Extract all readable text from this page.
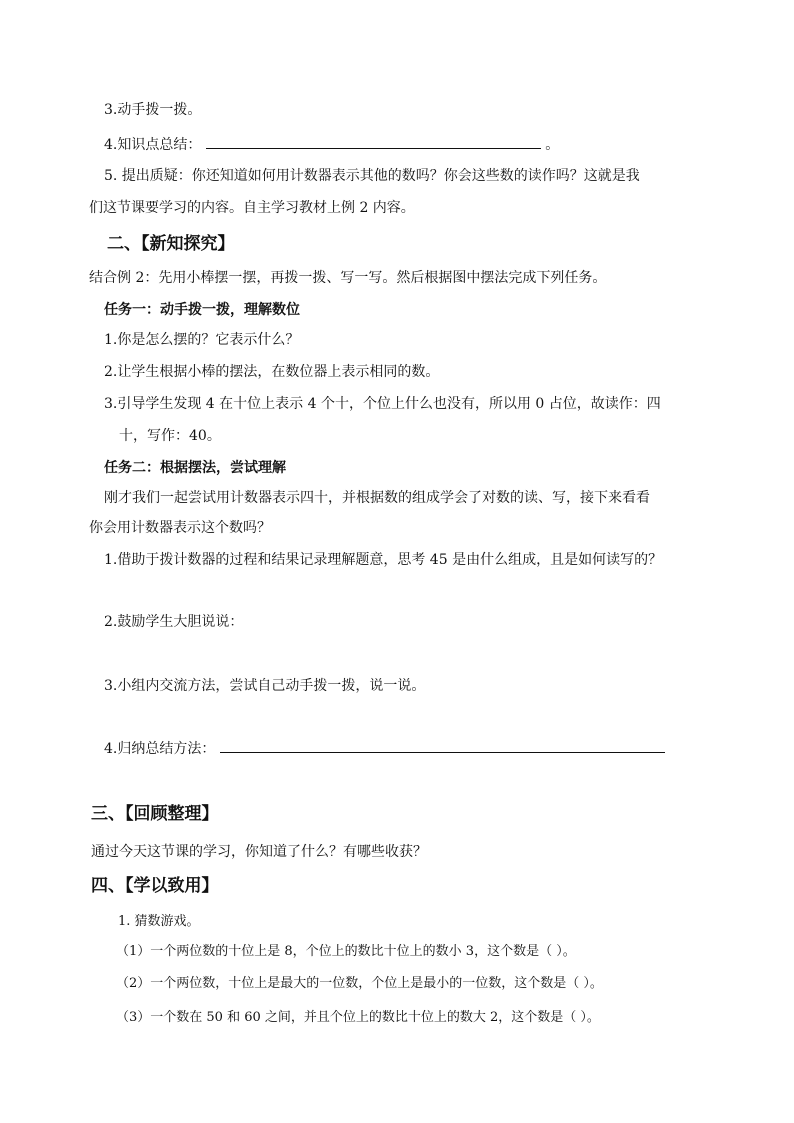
3.动手拨一拨。
4.知识点总结：	。
5. 提出质疑：你还知道如何用计数器表示其他的数吗？你会这些数的读作吗？这就是我
们这节课要学习的内容。自主学习教材上例 2 内容。
二、【新知探究】
结合例 2：先用小棒摆一摆，再拨一拨、写一写。然后根据图中摆法完成下列任务。
任务一：动手拨一拨，理解数位
1.你是怎么摆的？它表示什么？
2.让学生根据小棒的摆法，在数位器上表示相同的数。
3.引导学生发现 4 在十位上表示 4 个十，个位上什么也没有，所以用 0 占位，故读作：四
十，写作：40。
任务二：根据摆法，尝试理解
刚才我们一起尝试用计数器表示四十，并根据数的组成学会了对数的读、写，接下来看看
你会用计数器表示这个数吗？
1.借助于拨计数器的过程和结果记录理解题意，思考 45 是由什么组成，且是如何读写的？
2.鼓励学生大胆说说：
3.小组内交流方法，尝试自己动手拨一拨，说一说。
4.归纳总结方法：
三、【回顾整理】
通过今天这节课的学习，你知道了什么？有哪些收获？
四、【学以致用】
1. 猜数游戏。
（1）一个两位数的十位上是 8，个位上的数比十位上的数小 3，这个数是（ ）。
（2）一个两位数，十位上是最大的一位数，个位上是最小的一位数，这个数是（ ）。
（3）一个数在 50 和 60 之间，并且个位上的数比十位上的数大 2，这个数是（ ）。
